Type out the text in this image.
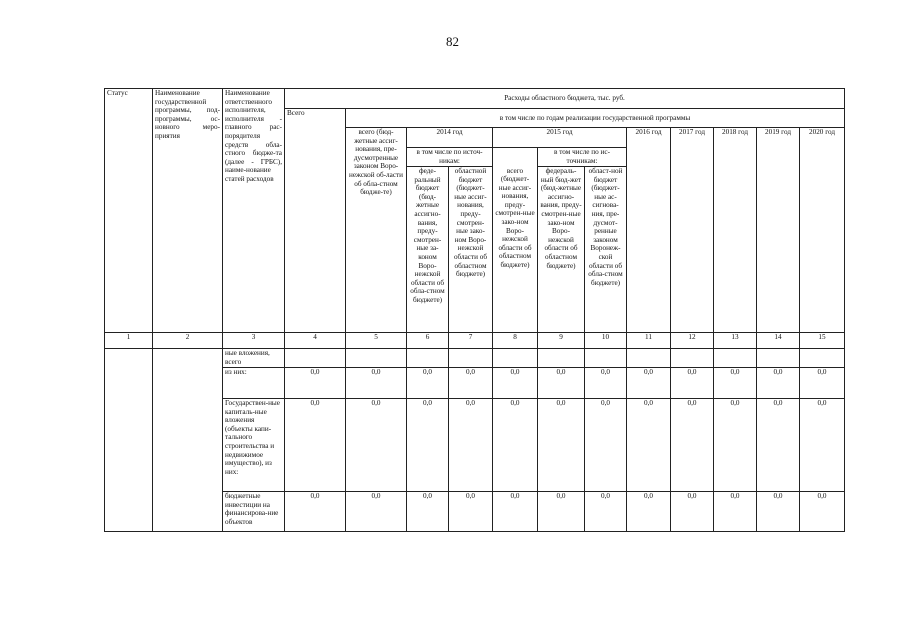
82
Статус	Наименование государственной программы, под-программы, ос-новного меро-приятия	Наименование ответственного исполнителя, исполнителя - главного рас-порядителя средств обла-стного бюдже-та (далее - ГРБС), наиме-нование статей расходов	Расходы областного бюджета, тыс. руб.											
			Всего	в том числе по годам реализации государственной программы										
				всего (бюд-жетные ассиг-нования, пре-дусмотренные законом Воро-нежской об-ласти об обла-стном бюдже-те)	2014 год		2015 год			2016 год	2017 год	2018 год	2019 год	2020 год
					в том числе по источ-никам:			в том числе по ис-точникам:						
					феде-ральный бюджет (бюд-жетные ассигно-вания, преду-смотрен-ные за-коном Воро-нежской области об обла-стном бюджете)	областной бюджет (бюджет-ные ассиг-нования, преду-смотрен-ные зако-ном Воро-нежской области об областном бюджете)	всего (бюджет-ные ассиг-нования, преду-смотрен-ные зако-ном Воро-нежской области об областном бюджете)	федераль-ный бюд-жет (бюд-жетные ассигно-вания, преду-смотрен-ные зако-ном Воро-нежской области об областном бюджете)	област-ной бюджет (бюджет-ные ас-сигнова-ния, пре-дусмот-ренные законом Воронеж-ской области об обла-стном бюджете)					
1	2	3	4	5	6	7	8	9	10	11	12	13	14	15
		ные вложения, всего												
		из них:	0,0	0,0	0,0	0,0	0,0	0,0	0,0	0,0	0,0	0,0	0,0	0,0
		Государствен-ные капиталь-ные вложения (объекты капи-тального строительства и недвижимое имущество), из них:	0,0	0,0	0,0	0,0	0,0	0,0	0,0	0,0	0,0	0,0	0,0	0,0
		бюджетные инвестиции на финансирова-ние объектов	0,0	0,0	0,0	0,0	0,0	0,0	0,0	0,0	0,0	0,0	0,0	0,0
